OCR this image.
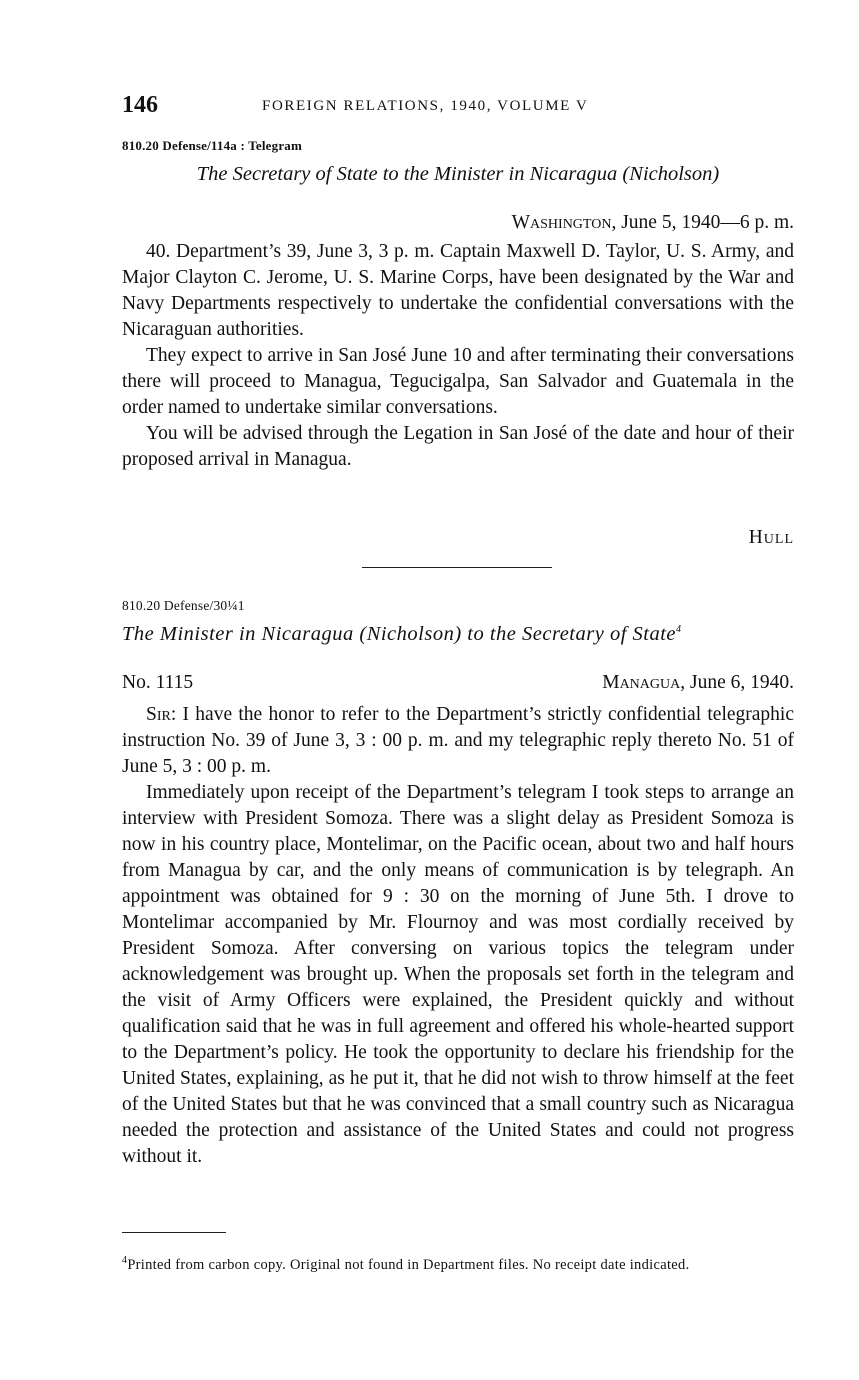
146	FOREIGN RELATIONS, 1940, VOLUME V
810.20 Defense/114a : Telegram
The Secretary of State to the Minister in Nicaragua (Nicholson)
Washington, June 5, 1940—6 p. m.

40. Department’s 39, June 3, 3 p. m. Captain Maxwell D. Taylor, U. S. Army, and Major Clayton C. Jerome, U. S. Marine Corps, have been designated by the War and Navy Departments respectively to undertake the confidential conversations with the Nicaraguan authorities.

They expect to arrive in San José June 10 and after terminating their conversations there will proceed to Managua, Tegucigalpa, San Salvador and Guatemala in the order named to undertake similar conversations.

You will be advised through the Legation in San José of the date and hour of their proposed arrival in Managua.

Hull
810.20 Defense/30¼1
The Minister in Nicaragua (Nicholson) to the Secretary of State$^4$
No. 1115	Managua, June 6, 1940.

Sir: I have the honor to refer to the Department’s strictly confidential telegraphic instruction No. 39 of June 3, 3 : 00 p. m. and my telegraphic reply thereto No. 51 of June 5, 3 : 00 p. m.

Immediately upon receipt of the Department’s telegram I took steps to arrange an interview with President Somoza. There was a slight delay as President Somoza is now in his country place, Montelimar, on the Pacific ocean, about two and half hours from Managua by car, and the only means of communication is by telegraph. An appointment was obtained for 9 : 30 on the morning of June 5th. I drove to Montelimar accompanied by Mr. Flournoy and was most cordially received by President Somoza. After conversing on various topics the telegram under acknowledgement was brought up. When the proposals set forth in the telegram and the visit of Army Officers were explained, the President quickly and without qualification said that he was in full agreement and offered his whole-hearted support to the Department’s policy. He took the opportunity to declare his friendship for the United States, explaining, as he put it, that he did not wish to throw himself at the feet of the United States but that he was convinced that a small country such as Nicaragua needed the protection and assistance of the United States and could not progress without it.

$^4$Printed from carbon copy. Original not found in Department files. No receipt date indicated.
